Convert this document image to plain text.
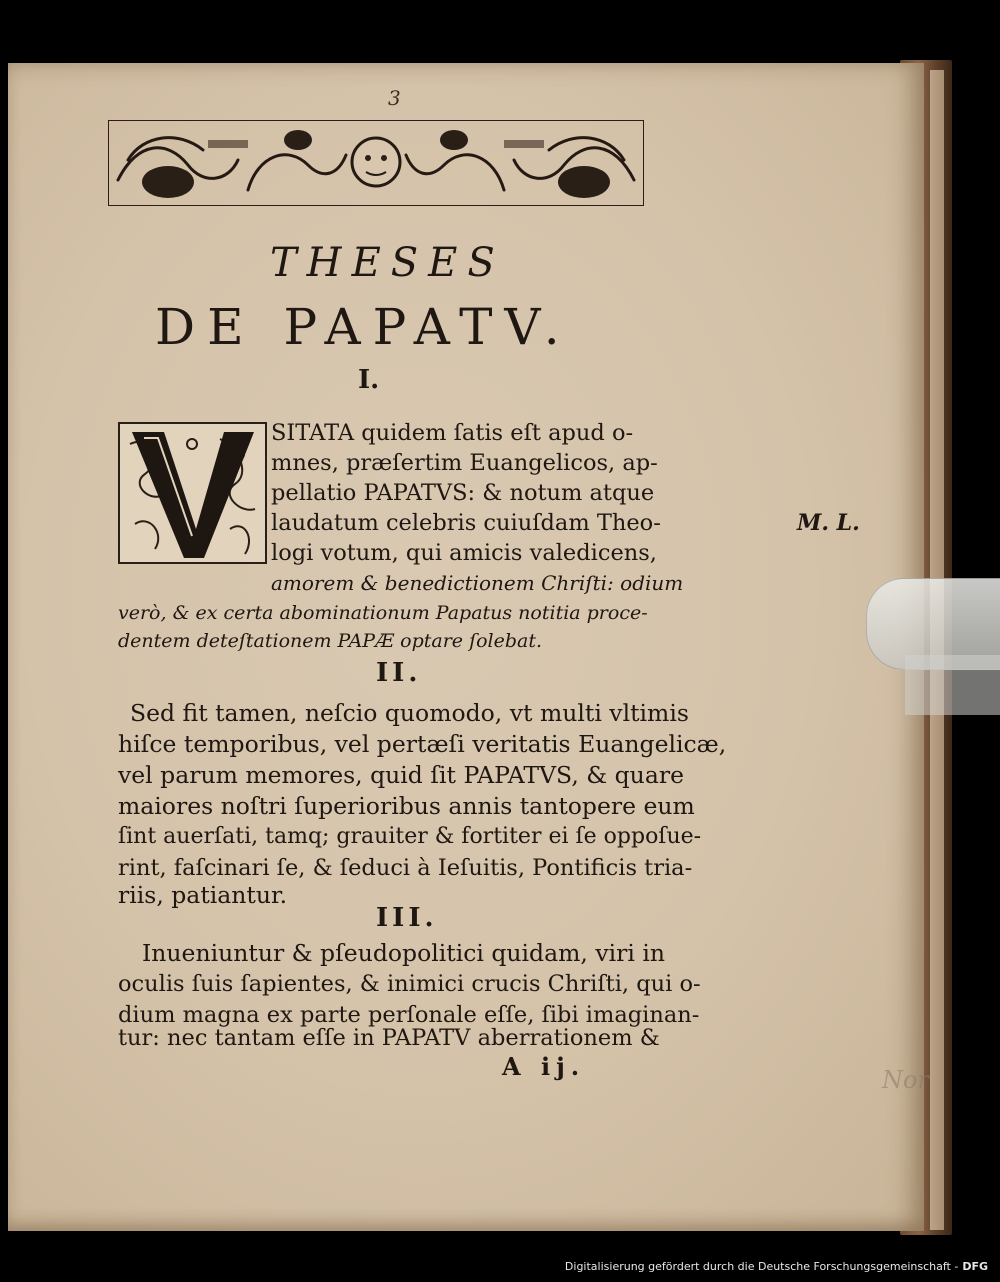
3
THESES
DE PAPATV.
I.
SITATA quidem ſatis eſt apud o-
mnes, præſertim Euangelicos, ap-
pellatio PAPATVS: & notum atque
laudatum celebris cuiuſdam Theo-
logi votum, qui amicis valedicens,
amorem & benedictionem Chriſti: odium
verò, & ex certa abominationum Papatus notitia proce-
dentem deteſtationem PAPÆ optare ſolebat.
M. L.
II.
Sed fit tamen, neſcio quomodo, vt multi vltimis
hiſce temporibus, vel pertæſi veritatis Euangelicæ,
vel parum memores, quid ſit PAPATVS, & quare
maiores noſtri ſuperioribus annis tantopere eum
ſint auerſati, tamq; grauiter & fortiter ei ſe oppoſue-
rint, faſcinari ſe, & ſeduci à Ieſuitis, Pontificis tria-
riis, patiantur.
III.
Inueniuntur & pſeudopolitici quidam, viri in
oculis ſuis ſapientes, & inimici crucis Chriſti, qui o-
dium magna ex parte perſonale eſſe, ſibi imaginan-
tur: nec tantam eſſe in PAPATV aberrationem &
A ij.	Nor
Digitalisierung gefördert durch die Deutsche Forschungsgemeinschaft - DFG
